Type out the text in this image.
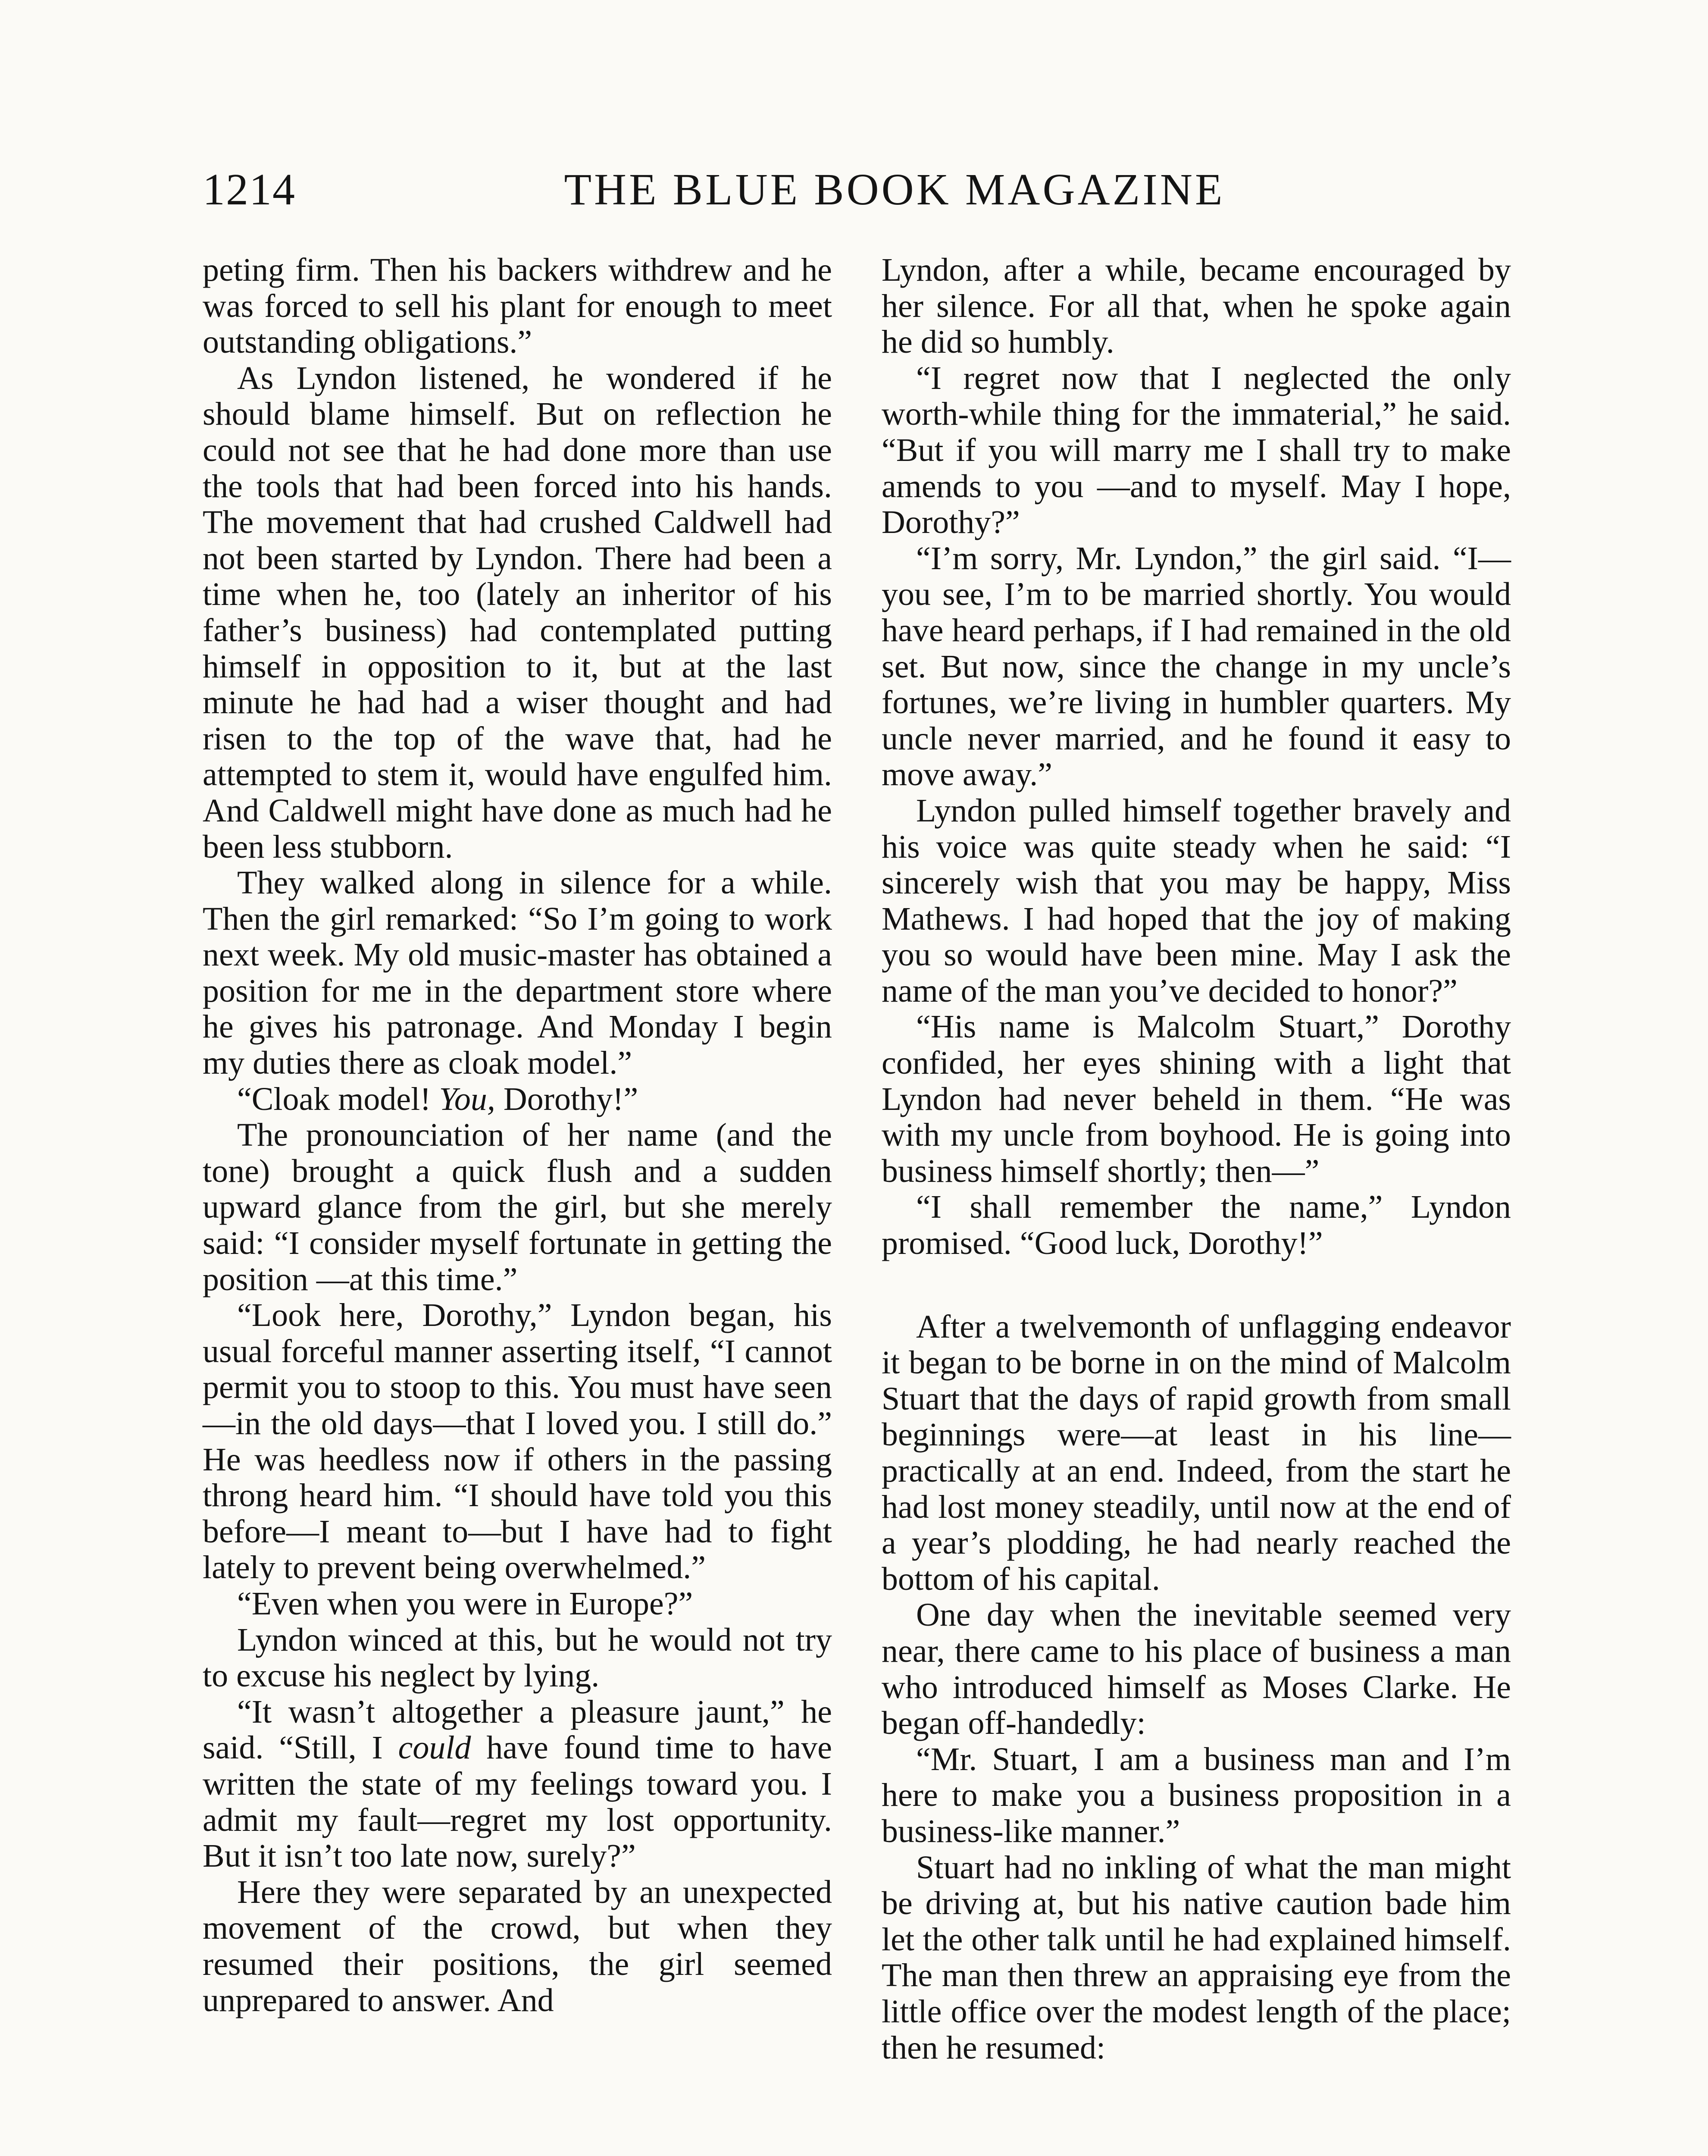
1214	THE BLUE BOOK MAGAZINE

peting firm. Then his backers withdrew and he was forced to sell his plant for enough to meet outstanding obligations.”

As Lyndon listened, he wondered if he should blame himself. But on reflection he could not see that he had done more than use the tools that had been forced into his hands. The movement that had crushed Caldwell had not been started by Lyndon. There had been a time when he, too (lately an inheritor of his father’s business) had contemplated putting himself in opposition to it, but at the last minute he had had a wiser thought and had risen to the top of the wave that, had he attempted to stem it, would have engulfed him. And Caldwell might have done as much had he been less stubborn.

They walked along in silence for a while. Then the girl remarked: “So I’m going to work next week. My old music-master has obtained a position for me in the department store where he gives his patronage. And Monday I begin my duties there as cloak model.”

“Cloak model! You, Dorothy!”

The pronounciation of her name (and the tone) brought a quick flush and a sudden upward glance from the girl, but she merely said: “I consider myself fortunate in getting the position —at this time.”

“Look here, Dorothy,” Lyndon began, his usual forceful manner asserting itself, “I cannot permit you to stoop to this. You must have seen—in the old days—that I loved you. I still do.” He was heedless now if others in the passing throng heard him. “I should have told you this before—I meant to—but I have had to fight lately to prevent being overwhelmed.”

“Even when you were in Europe?”

Lyndon winced at this, but he would not try to excuse his neglect by lying.

“It wasn’t altogether a pleasure jaunt,” he said. “Still, I could have found time to have written the state of my feelings toward you. I admit my fault—regret my lost opportunity. But it isn’t too late now, surely?”

Here they were separated by an unexpected movement of the crowd, but when they resumed their positions, the girl seemed unprepared to answer. And

Lyndon, after a while, became encouraged by her silence. For all that, when he spoke again he did so humbly.

“I regret now that I neglected the only worth-while thing for the immaterial,” he said. “But if you will marry me I shall try to make amends to you —and to myself. May I hope, Dorothy?”

“I’m sorry, Mr. Lyndon,” the girl said. “I—you see, I’m to be married shortly. You would have heard perhaps, if I had remained in the old set. But now, since the change in my uncle’s fortunes, we’re living in humbler quarters. My uncle never married, and he found it easy to move away.”

Lyndon pulled himself together bravely and his voice was quite steady when he said: “I sincerely wish that you may be happy, Miss Mathews. I had hoped that the joy of making you so would have been mine. May I ask the name of the man you’ve decided to honor?”

“His name is Malcolm Stuart,” Dorothy confided, her eyes shining with a light that Lyndon had never beheld in them. “He was with my uncle from boyhood. He is going into business himself shortly; then—”

“I shall remember the name,” Lyndon promised. “Good luck, Dorothy!”

After a twelvemonth of unflagging endeavor it began to be borne in on the mind of Malcolm Stuart that the days of rapid growth from small beginnings were—at least in his line—practically at an end. Indeed, from the start he had lost money steadily, until now at the end of a year’s plodding, he had nearly reached the bottom of his capital.

One day when the inevitable seemed very near, there came to his place of business a man who introduced himself as Moses Clarke. He began off-handedly:

“Mr. Stuart, I am a business man and I’m here to make you a business proposition in a business-like manner.”

Stuart had no inkling of what the man might be driving at, but his native caution bade him let the other talk until he had explained himself. The man then threw an appraising eye from the little office over the modest length of the place; then he resumed:
